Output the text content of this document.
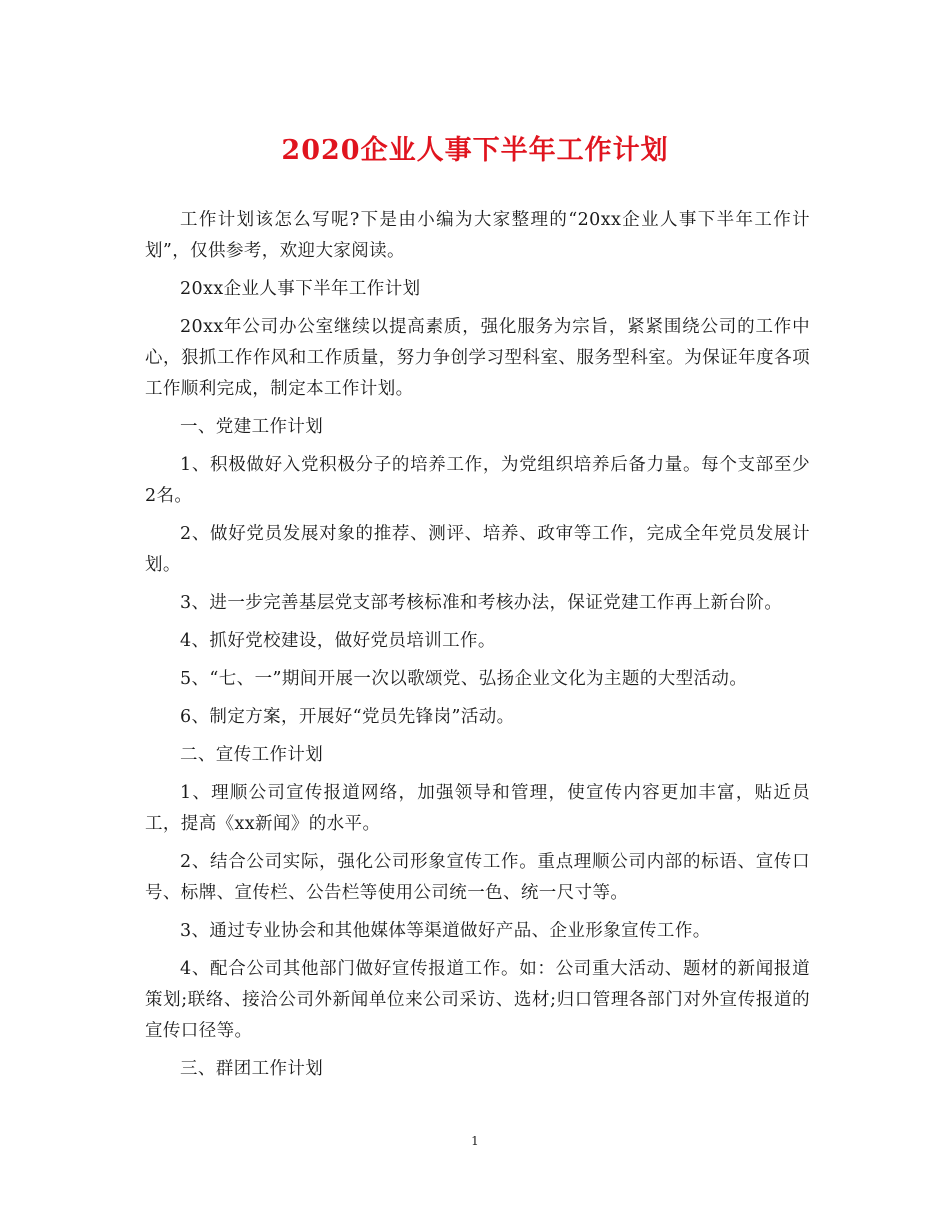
2020企业人事下半年工作计划

工作计划该怎么写呢?下是由小编为大家整理的“20xx企业人事下半年工作计划”，仅供参考，欢迎大家阅读。

20xx企业人事下半年工作计划

20xx年公司办公室继续以提高素质，强化服务为宗旨，紧紧围绕公司的工作中心，狠抓工作作风和工作质量，努力争创学习型科室、服务型科室。为保证年度各项工作顺利完成，制定本工作计划。

一、党建工作计划

1、积极做好入党积极分子的培养工作，为党组织培养后备力量。每个支部至少2名。

2、做好党员发展对象的推荐、测评、培养、政审等工作，完成全年党员发展计划。

3、进一步完善基层党支部考核标准和考核办法，保证党建工作再上新台阶。

4、抓好党校建设，做好党员培训工作。

5、“七、一”期间开展一次以歌颂党、弘扬企业文化为主题的大型活动。

6、制定方案，开展好“党员先锋岗”活动。

二、宣传工作计划

1、理顺公司宣传报道网络，加强领导和管理，使宣传内容更加丰富，贴近员工，提高《xx新闻》的水平。

2、结合公司实际，强化公司形象宣传工作。重点理顺公司内部的标语、宣传口号、标牌、宣传栏、公告栏等使用公司统一色、统一尺寸等。

3、通过专业协会和其他媒体等渠道做好产品、企业形象宣传工作。

4、配合公司其他部门做好宣传报道工作。如：公司重大活动、题材的新闻报道策划;联络、接洽公司外新闻单位来公司采访、选材;归口管理各部门对外宣传报道的宣传口径等。

三、群团工作计划

1
